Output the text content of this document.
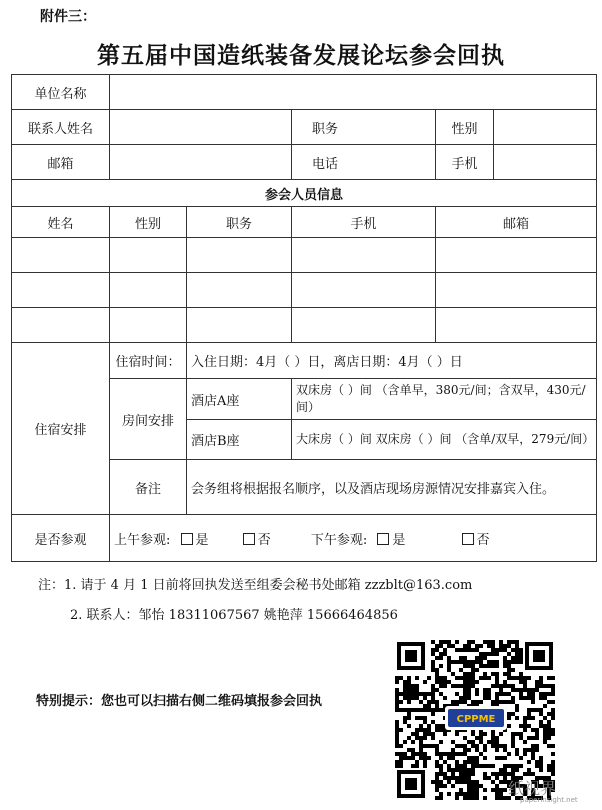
附件三：
第五届中国造纸装备发展论坛参会回执
单位名称					
联系人姓名			职务	性别	
邮箱			电话	手机	
参会人员信息					
姓名	性别	职务	手机	邮箱	

住宿安排	住宿时间：	入住日期：4月（ ）日，离店日期：4月（ ）日			
	房间安排	酒店A座	双床房（ ）间 （含单早，380元/间；含双早，430元/间）		
		酒店B座	大床房（ ）间 双床房（ ）间 （含单/双早，279元/间）		
	备注	会务组将根据报名顺序，以及酒店现场房源情况安排嘉宾入住。			
是否参观	上午参观: 是 否 下午参观: 是 否				
注：1. 请于 4 月 1 日前将回执发送至组委会秘书处邮箱 zzzblt@163.com
2. 联系人：邹怡 18311067567 姚艳萍 15666464856
特别提示：您也可以扫描右侧二维码填报参会回执
CPPME
纸视界
paperinsight.net
